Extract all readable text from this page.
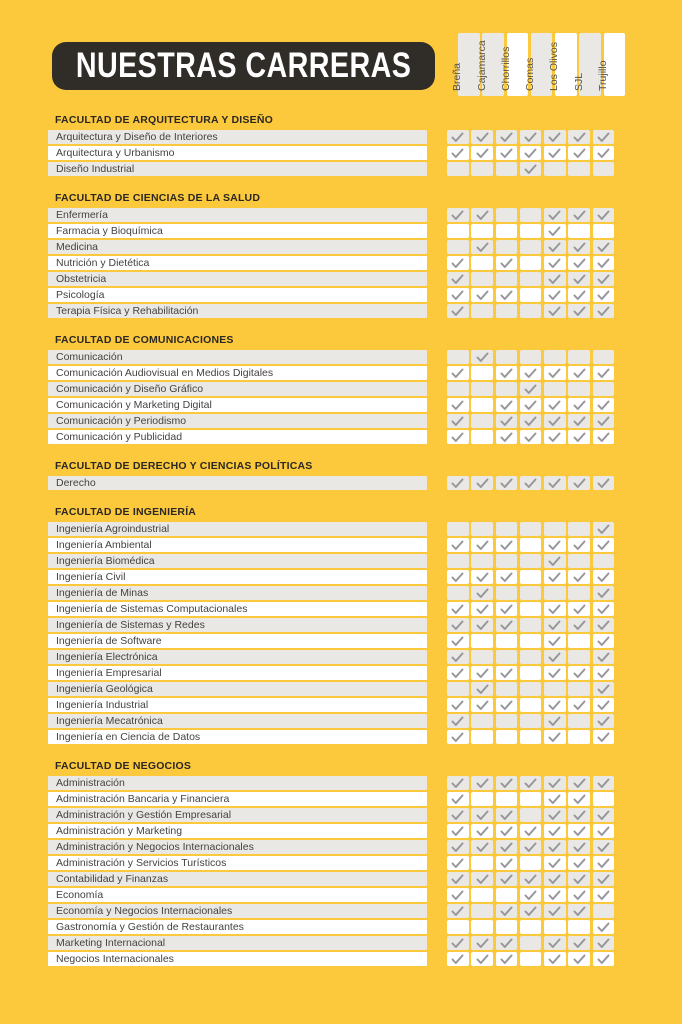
NUESTRAS CARRERAS	Breña Cajamarca Chorrillos Comas Los Olivos SJL Trujillo
FACULTAD DE ARQUITECTURA Y DISEÑO
Arquitectura y Diseño de Interiores
Arquitectura y Urbanismo
Diseño Industrial
FACULTAD DE CIENCIAS DE LA SALUD
Enfermería
Farmacia y Bioquímica
Medicina
Nutrición y Dietética
Obstetricia
Psicología
Terapia Física y Rehabilitación
FACULTAD DE COMUNICACIONES
Comunicación
Comunicación Audiovisual en Medios Digitales
Comunicación y Diseño Gráfico
Comunicación y Marketing Digital
Comunicación y Periodismo
Comunicación y Publicidad
FACULTAD DE DERECHO Y CIENCIAS POLÍTICAS
Derecho
FACULTAD DE INGENIERÍA
Ingeniería Agroindustrial
Ingeniería Ambiental
Ingeniería Biomédica
Ingeniería Civil
Ingeniería de Minas
Ingeniería de Sistemas Computacionales
Ingeniería de Sistemas y Redes
Ingeniería de Software
Ingeniería Electrónica
Ingeniería Empresarial
Ingeniería Geológica
Ingeniería Industrial
Ingeniería Mecatrónica
Ingeniería en Ciencia de Datos
FACULTAD DE NEGOCIOS
Administración
Administración Bancaria y Financiera
Administración y Gestión Empresarial
Administración y Marketing
Administración y Negocios Internacionales
Administración y Servicios Turísticos
Contabilidad y Finanzas
Economía
Economía y Negocios Internacionales
Gastronomía y Gestión de Restaurantes
Marketing Internacional
Negocios Internacionales
